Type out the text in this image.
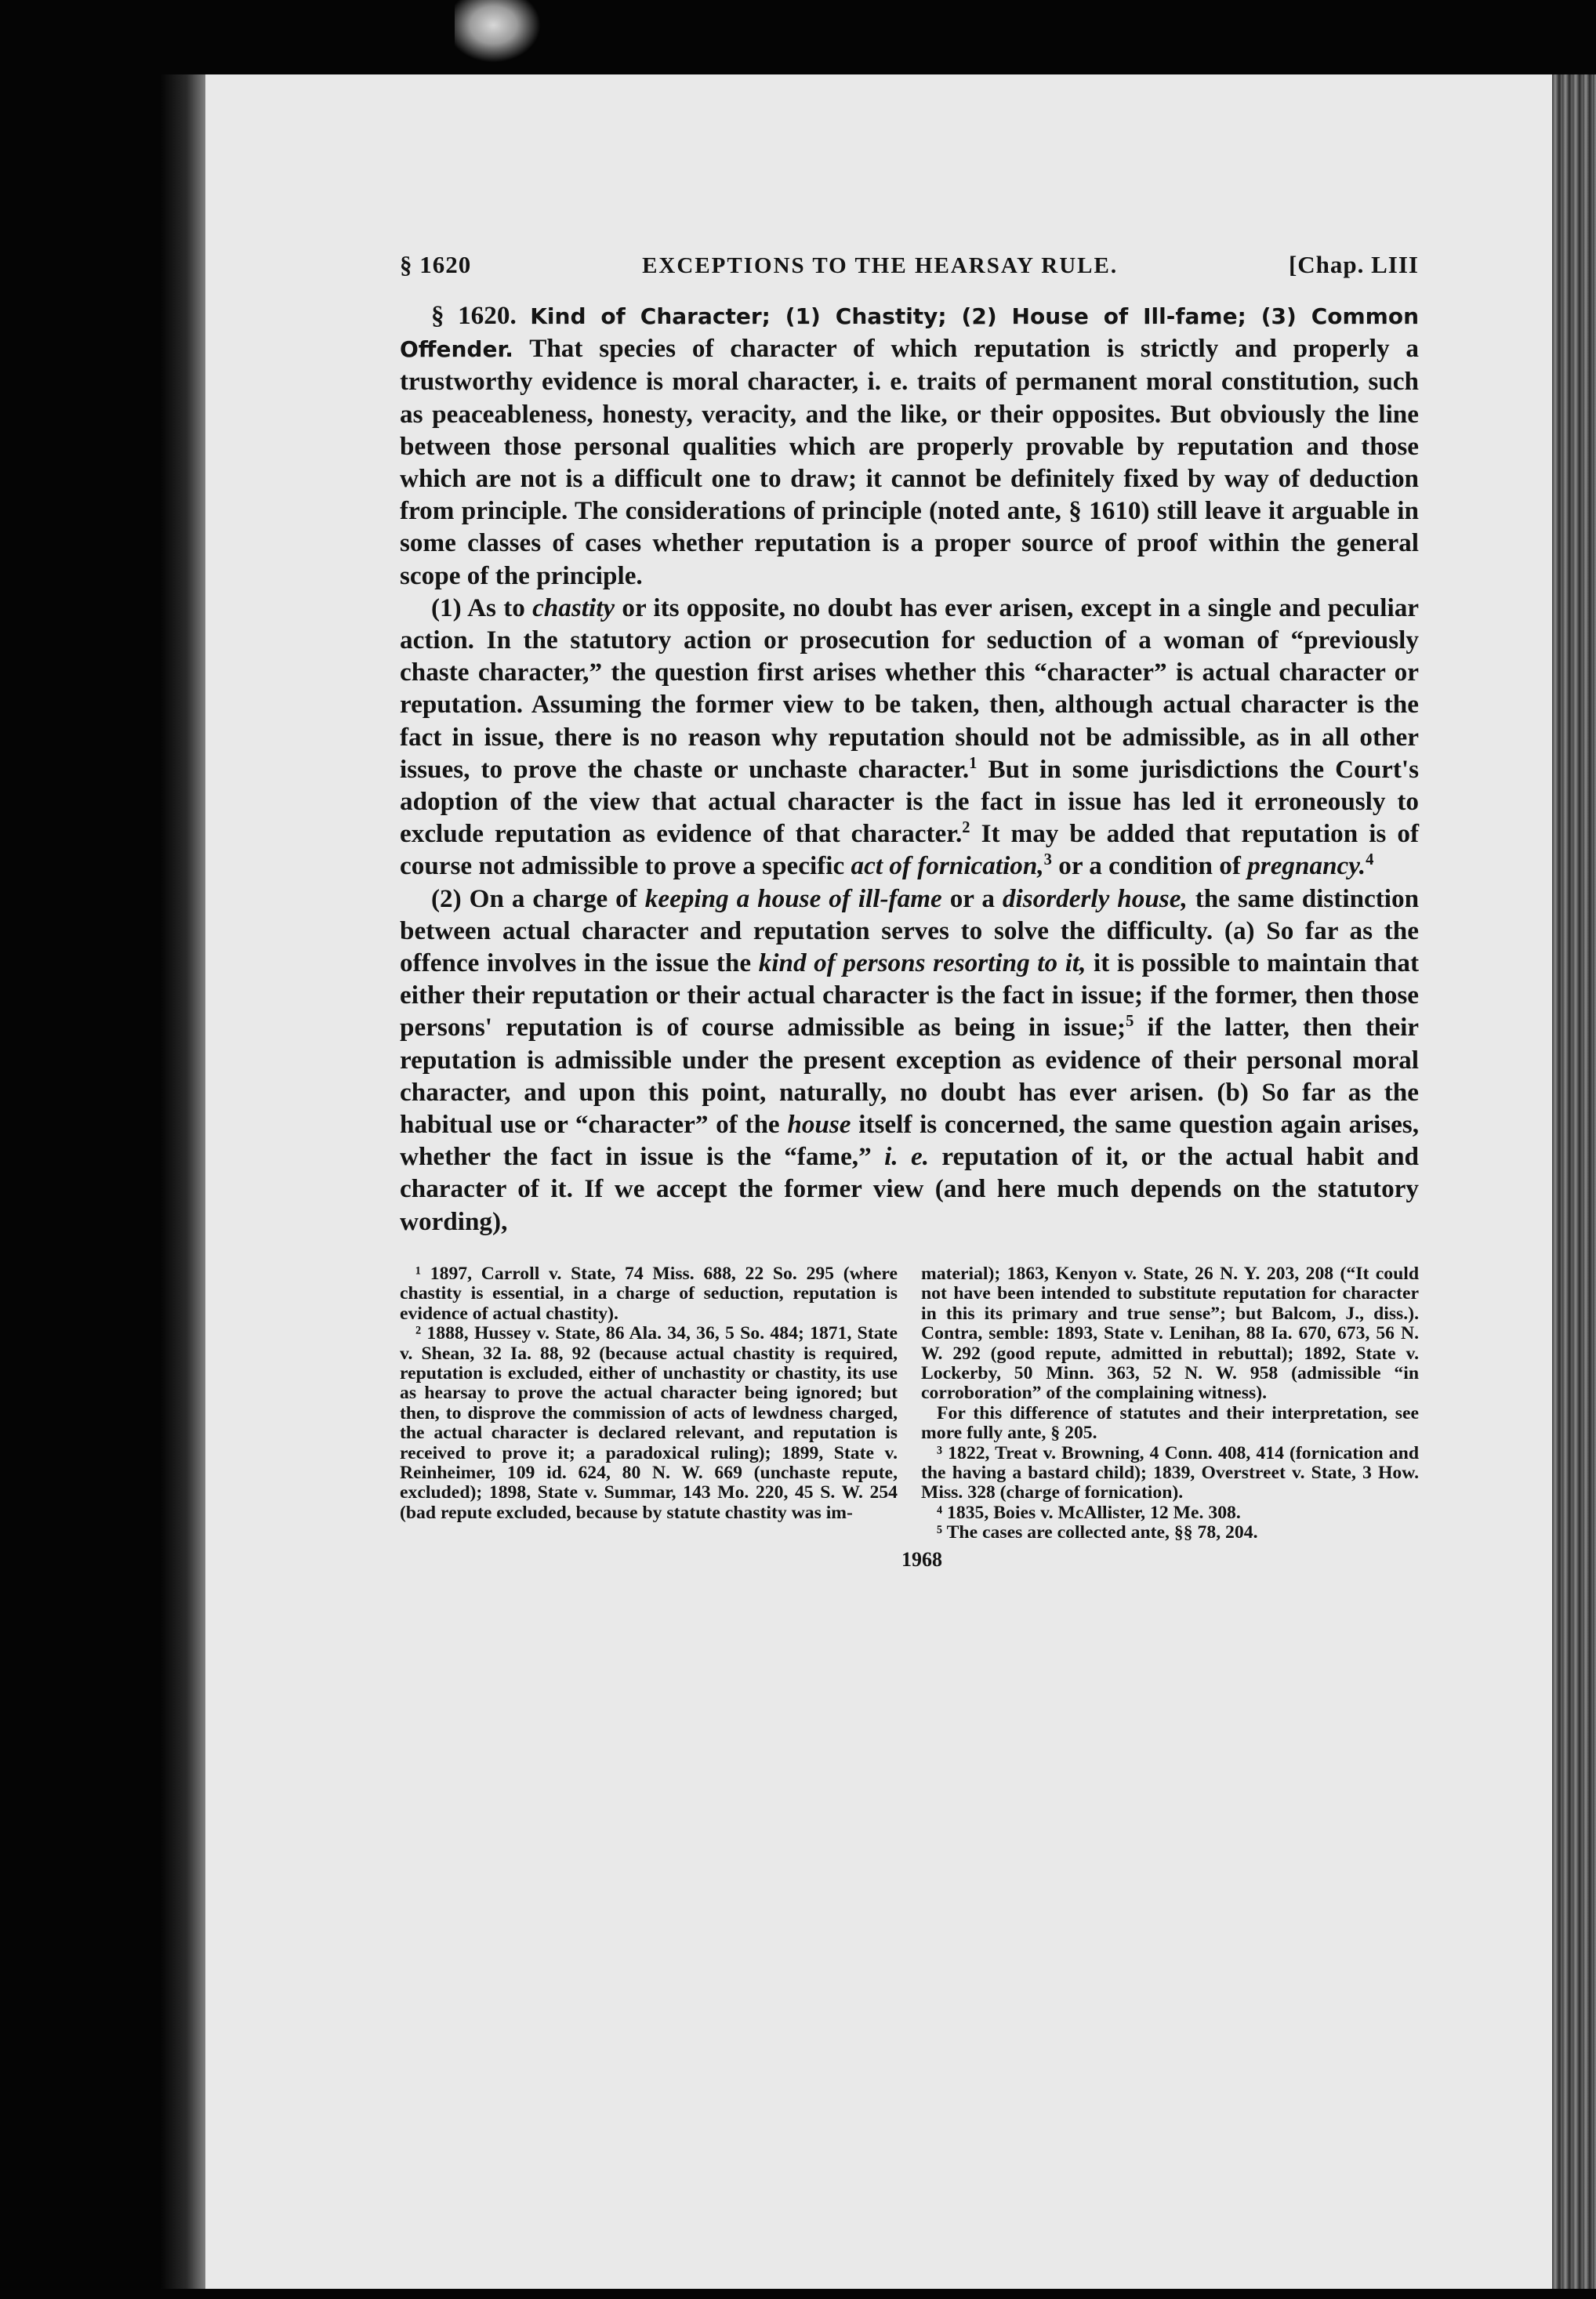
§ 1620	EXCEPTIONS TO THE HEARSAY RULE.	[Chap. LIII

§ 1620. Kind of Character; (1) Chastity; (2) House of Ill-fame; (3) Common Offender. That species of character of which reputation is strictly and properly a trustworthy evidence is moral character, i. e. traits of permanent moral constitution, such as peaceableness, honesty, veracity, and the like, or their opposites. But obviously the line between those personal qualities which are properly provable by reputation and those which are not is a difficult one to draw; it cannot be definitely fixed by way of deduction from principle. The considerations of principle (noted ante, § 1610) still leave it arguable in some classes of cases whether reputation is a proper source of proof within the general scope of the principle.

(1) As to chastity or its opposite, no doubt has ever arisen, except in a single and peculiar action. In the statutory action or prosecution for seduction of a woman of “previously chaste character,” the question first arises whether this “character” is actual character or reputation. Assuming the former view to be taken, then, although actual character is the fact in issue, there is no reason why reputation should not be admissible, as in all other issues, to prove the chaste or unchaste character.$^1$ But in some jurisdictions the Court's adoption of the view that actual character is the fact in issue has led it erroneously to exclude reputation as evidence of that character.$^2$ It may be added that reputation is of course not admissible to prove a specific act of fornication,$^3$ or a condition of pregnancy.$^4$

(2) On a charge of keeping a house of ill-fame or a disorderly house, the same distinction between actual character and reputation serves to solve the difficulty. (a) So far as the offence involves in the issue the kind of persons resorting to it, it is possible to maintain that either their reputation or their actual character is the fact in issue; if the former, then those persons' reputation is of course admissible as being in issue;$^5$ if the latter, then their reputation is admissible under the present exception as evidence of their personal moral character, and upon this point, naturally, no doubt has ever arisen. (b) So far as the habitual use or “character” of the house itself is concerned, the same question again arises, whether the fact in issue is the “fame,” i. e. reputation of it, or the actual habit and character of it. If we accept the former view (and here much depends on the statutory wording),

¹ 1897, Carroll v. State, 74 Miss. 688, 22 So. 295 (where chastity is essential, in a charge of seduction, reputation is evidence of actual chastity).

² 1888, Hussey v. State, 86 Ala. 34, 36, 5 So. 484; 1871, State v. Shean, 32 Ia. 88, 92 (because actual chastity is required, reputation is excluded, either of unchastity or chastity, its use as hearsay to prove the actual character being ignored; but then, to disprove the commission of acts of lewdness charged, the actual character is declared relevant, and reputation is received to prove it; a paradoxical ruling); 1899, State v. Reinheimer, 109 id. 624, 80 N. W. 669 (unchaste repute, excluded); 1898, State v. Summar, 143 Mo. 220, 45 S. W. 254 (bad repute excluded, because by statute chastity was im-

material); 1863, Kenyon v. State, 26 N. Y. 203, 208 (“It could not have been intended to substitute reputation for character in this its primary and true sense”; but Balcom, J., diss.). Contra, semble: 1893, State v. Lenihan, 88 Ia. 670, 673, 56 N. W. 292 (good repute, admitted in rebuttal); 1892, State v. Lockerby, 50 Minn. 363, 52 N. W. 958 (admissible “in corroboration” of the complaining witness).

For this difference of statutes and their interpretation, see more fully ante, § 205.

³ 1822, Treat v. Browning, 4 Conn. 408, 414 (fornication and the having a bastard child); 1839, Overstreet v. State, 3 How. Miss. 328 (charge of fornication).

⁴ 1835, Boies v. McAllister, 12 Me. 308.

⁵ The cases are collected ante, §§ 78, 204.

1968
